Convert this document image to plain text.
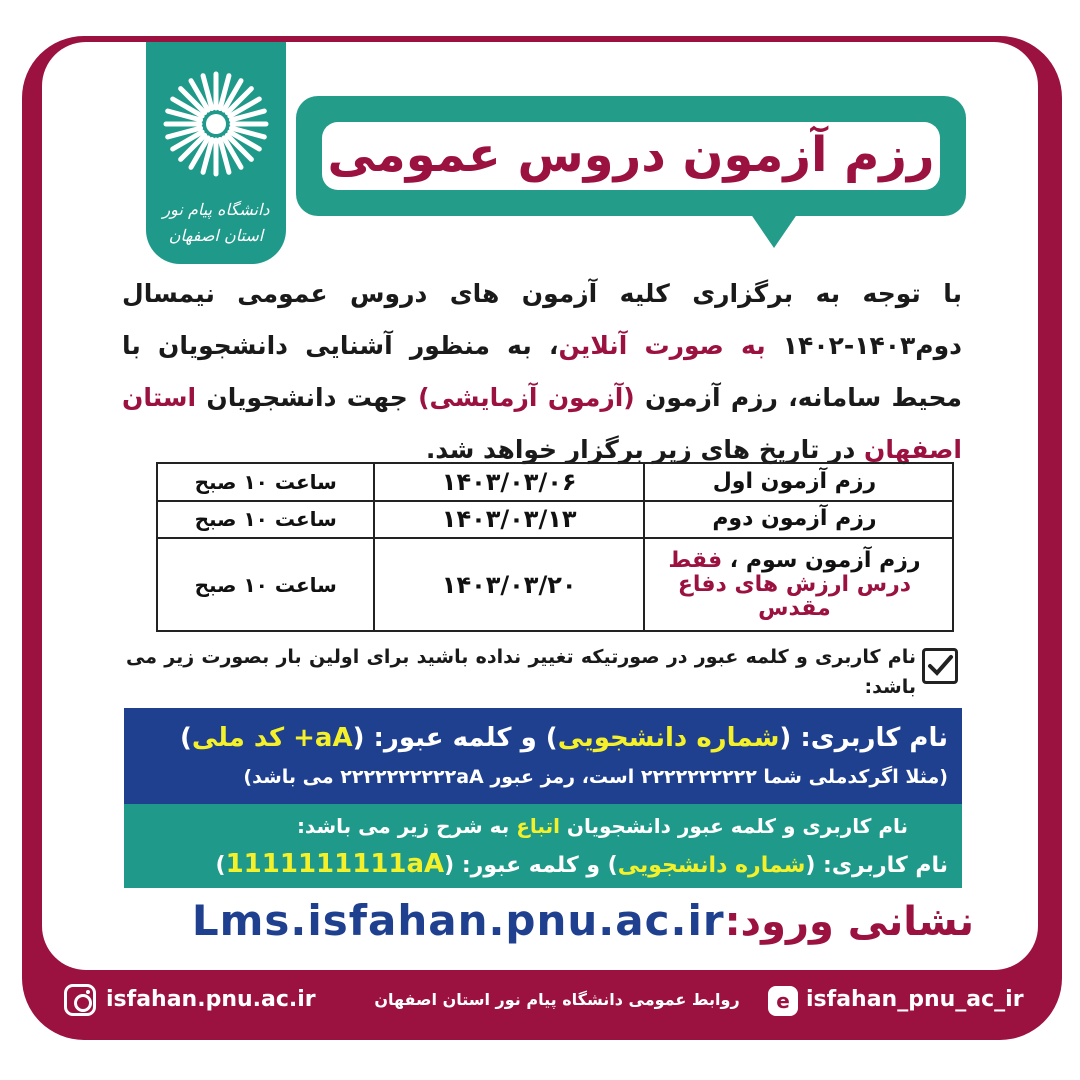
دانشگاه پیام نور
استان اصفهان
رزم آزمون دروس عمومی
با توجه به برگزاری کلیه آزمون های دروس عمومی نیمسال دوم۱۴۰۳-۱۴۰۲ به صورت آنلاین، به منظور آشنایی دانشجویان با محیط سامانه، رزم آزمون (آزمون آزمایشی) جهت دانشجویان استان اصفهان در تاریخ های زیر برگزار خواهد شد.
رزم آزمون اول	۱۴۰۳/۰۳/۰۶	ساعت ۱۰ صبح
رزم آزمون دوم	۱۴۰۳/۰۳/۱۳	ساعت ۱۰ صبح
رزم آزمون سوم ، فقط
درس ارزش های دفاع مقدس	۱۴۰۳/۰۳/۲۰	ساعت ۱۰ صبح
نام کاربری و کلمه عبور در صورتیکه تغییر نداده باشید برای اولین بار بصورت زیر می باشد:
نام کاربری: (شماره دانشجویی) و کلمه عبور: (aA+ کد ملی)
(مثلا اگرکدملی شما ۲۲۲۲۲۲۲۲۲۲ است، رمز عبور ۲۲۲۲۲۲۲۲۲۲aA می باشد)
نام کاربری و کلمه عبور دانشجویان اتباع به شرح زیر می باشد:
نام کاربری: (شماره دانشجویی) و کلمه عبور: (1111111111aA)
نشانی ورود:Lms.isfahan.pnu.ac.ir
isfahan.pnu.ac.ir	روابط عمومی دانشگاه پیام نور استان اصفهان	e isfahan_pnu_ac_ir
